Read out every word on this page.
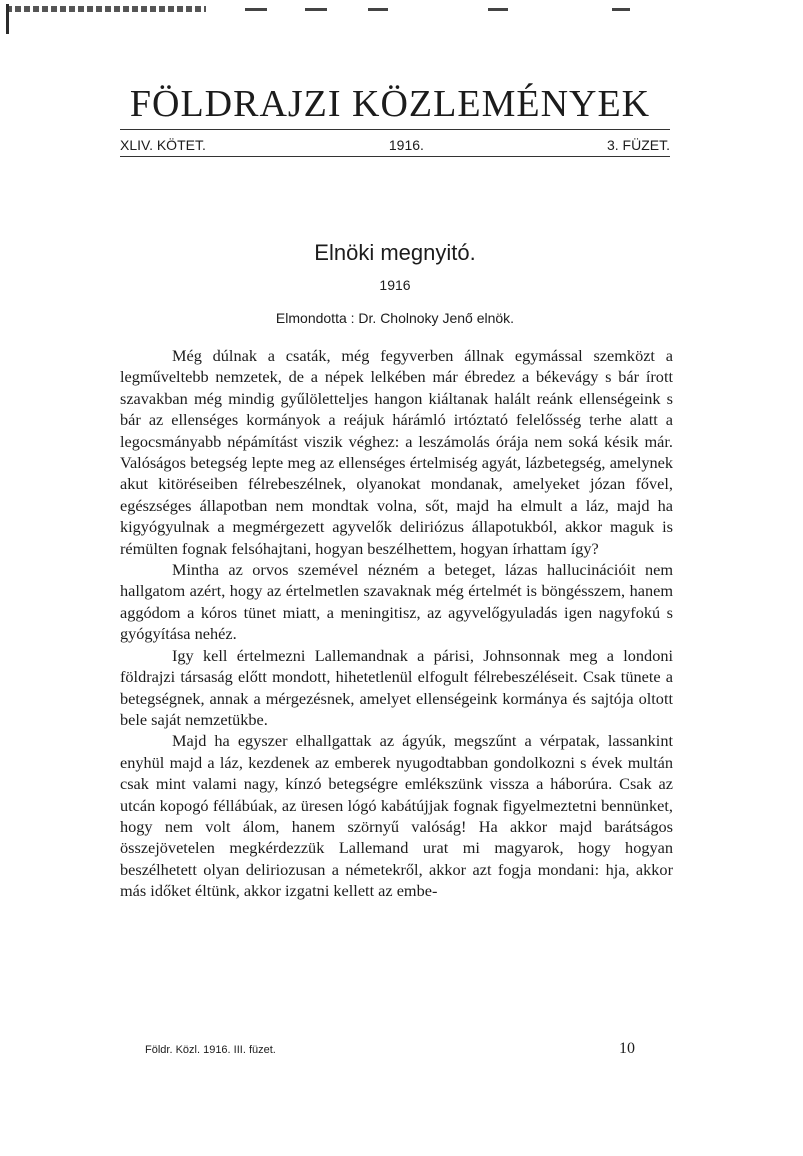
FÖLDRAJZI KÖZLEMÉNYEK
XLIV. KÖTET.	1916.	3. FÜZET.
Elnöki megnyitó.
1916
Elmondotta : Dr. Cholnoky Jenő elnök.

Még dúlnak a csaták, még fegyverben állnak egymással szemközt a legműveltebb nemzetek, de a népek lelkében már ébredez a békevágy s bár írott szavakban még mindig gyűlöletteljes hangon kiáltanak halált reánk ellenségeink s bár az ellenséges kormányok a reájuk hárámló irtóztató felelősség terhe alatt a legocsmányabb népámítást viszik véghez: a leszámolás órája nem soká késik már. Valóságos betegség lepte meg az ellenséges értelmiség agyát, lázbetegség, amelynek akut kitöréseiben félrebeszélnek, olyanokat mondanak, amelyeket józan fővel, egészséges állapotban nem mondtak volna, sőt, majd ha elmult a láz, majd ha kigyógyulnak a megmérgezett agyvelők deliriózus állapotukból, akkor maguk is rémülten fognak felsóhajtani, hogyan beszélhettem, hogyan írhattam így?

Mintha az orvos szemével nézném a beteget, lázas hallucinációit nem hallgatom azért, hogy az értelmetlen szavaknak még értelmét is böngésszem, hanem aggódom a kóros tünet miatt, a meningitisz, az agyvelőgyuladás igen nagyfokú s gyógyítása nehéz.

Igy kell értelmezni Lallemandnak a párisi, Johnsonnak meg a londoni földrajzi társaság előtt mondott, hihetetlenül elfogult félrebeszéléseit. Csak tünete a betegségnek, annak a mérgezésnek, amelyet ellenségeink kormánya és sajtója oltott bele saját nemzetükbe.

Majd ha egyszer elhallgattak az ágyúk, megszűnt a vérpatak, lassankint enyhül majd a láz, kezdenek az emberek nyugodtabban gondolkozni s évek multán csak mint valami nagy, kínzó betegségre emlékszünk vissza a háborúra. Csak az utcán kopogó féllábúak, az üresen lógó kabátújjak fognak figyelmeztetni bennünket, hogy nem volt álom, hanem szörnyű valóság! Ha akkor majd barátságos összejövetelen megkérdezzük Lallemand urat mi magyarok, hogy hogyan beszélhetett olyan deliriozusan a németekről, akkor azt fogja mondani: hja, akkor más időket éltünk, akkor izgatni kellett az embe-

Földr. Közl. 1916. III. füzet.	10
